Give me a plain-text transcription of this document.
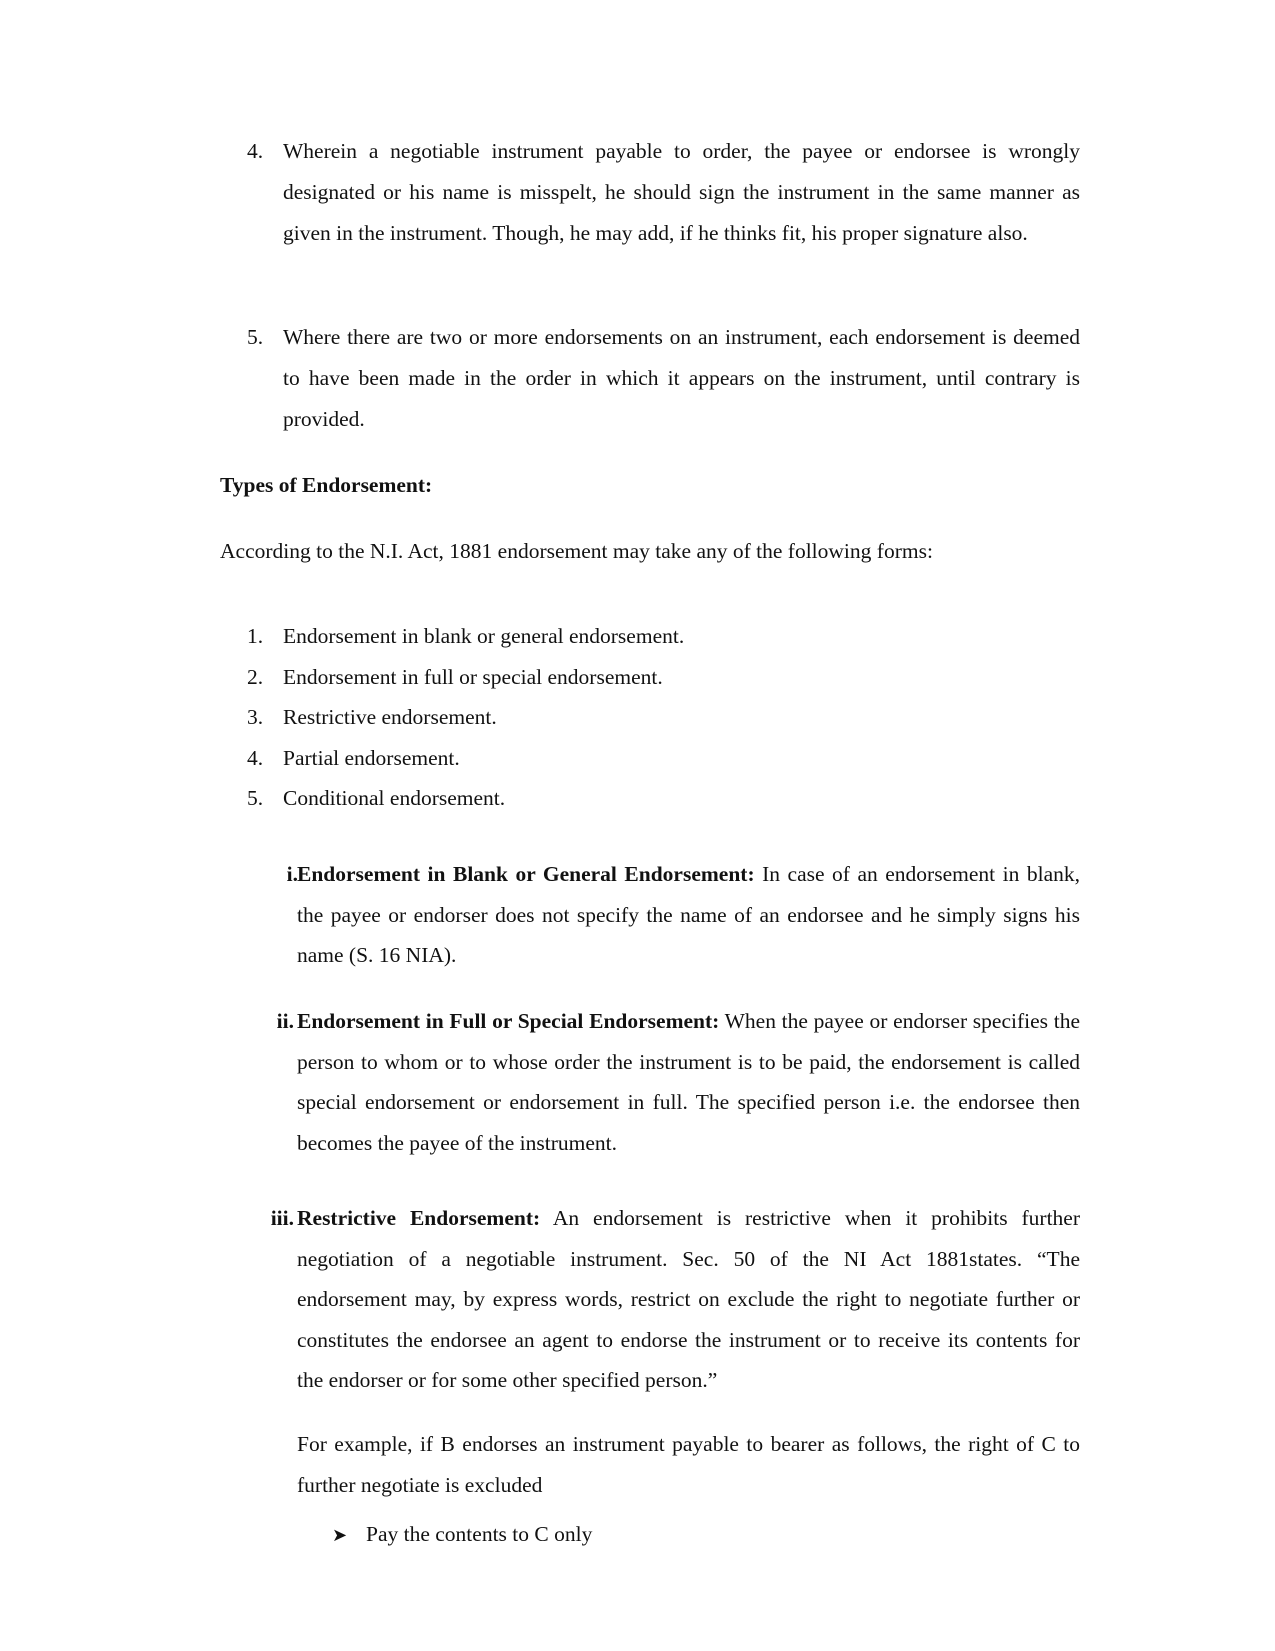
4. Wherein a negotiable instrument payable to order, the payee or endorsee is wrongly designated or his name is misspelt, he should sign the instrument in the same manner as given in the instrument. Though, he may add, if he thinks fit, his proper signature also.
5. Where there are two or more endorsements on an instrument, each endorsement is deemed to have been made in the order in which it appears on the instrument, until contrary is provided.
Types of Endorsement:
According to the N.I. Act, 1881 endorsement may take any of the following forms:
1. Endorsement in blank or general endorsement.
2. Endorsement in full or special endorsement.
3. Restrictive endorsement.
4. Partial endorsement.
5. Conditional endorsement.
i. Endorsement in Blank or General Endorsement: In case of an endorsement in blank, the payee or endorser does not specify the name of an endorsee and he simply signs his name (S. 16 NIA).
ii. Endorsement in Full or Special Endorsement: When the payee or endorser specifies the person to whom or to whose order the instrument is to be paid, the endorsement is called special endorsement or endorsement in full. The specified person i.e. the endorsee then becomes the payee of the instrument.
iii. Restrictive Endorsement: An endorsement is restrictive when it prohibits further negotiation of a negotiable instrument. Sec. 50 of the NI Act 1881states. “The endorsement may, by express words, restrict on exclude the right to negotiate further or constitutes the endorsee an agent to endorse the instrument or to receive its contents for the endorser or for some other specified person.”
For example, if B endorses an instrument payable to bearer as follows, the right of C to further negotiate is excluded
➤ Pay the contents to C only
